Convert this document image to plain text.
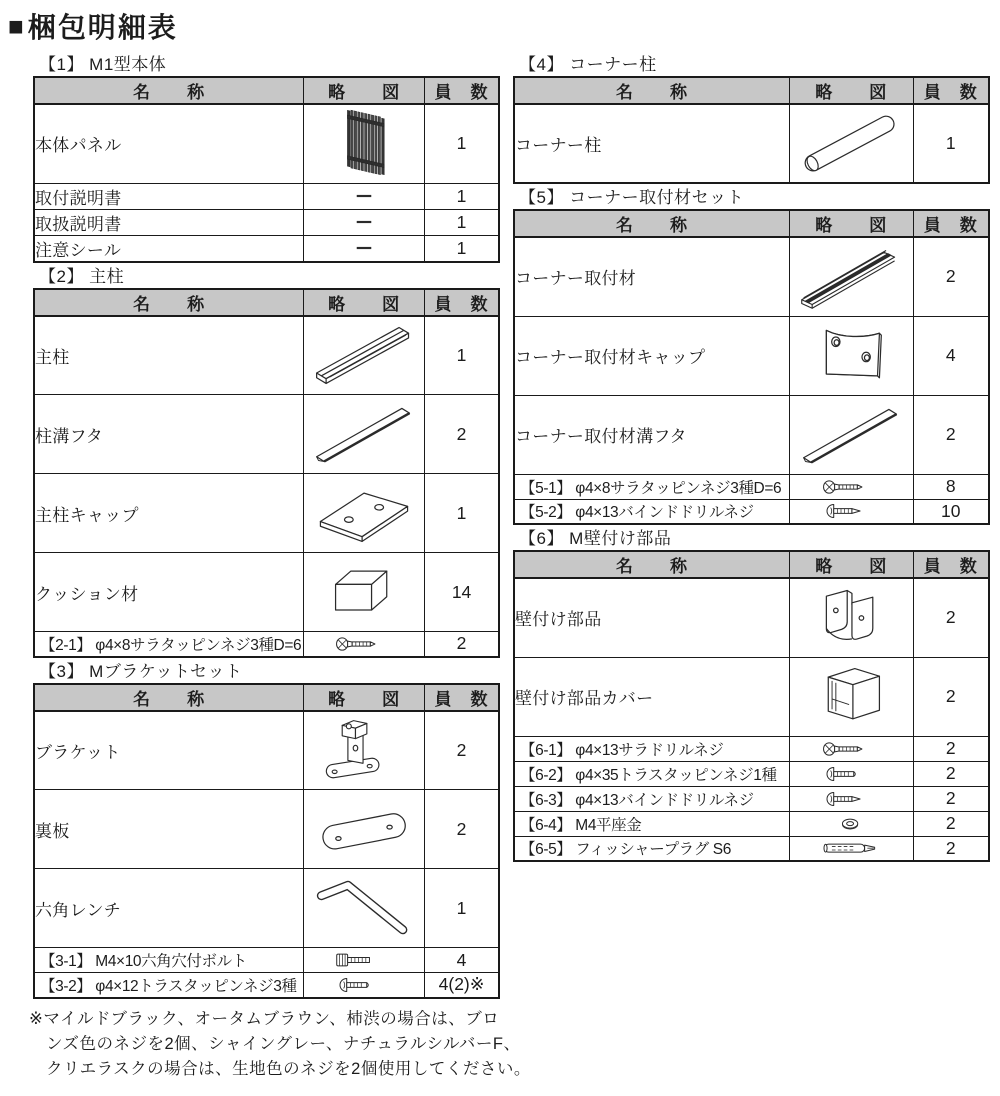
■ 梱包明細表
【1】 M1型本体
名　　称	略　　図	員　数
本体パネル		1
取付説明書		1
取扱説明書		1
注意シール		1
【2】 主柱
名　　称	略　　図	員　数
主柱		1
柱溝フタ		2
主柱キャップ		1
クッション材		14
【2-1】 φ4×8サラタッピンネジ3種D=6		2
【3】 Mブラケットセット
名　　称	略　　図	員　数
ブラケット		2
裏板		2
六角レンチ		1
【3-1】 M4×10六角穴付ボルト		4
【3-2】 φ4×12トラスタッピンネジ3種		4(2)※
【4】 コーナー柱
名　　称	略　　図	員　数
コーナー柱		1
【5】 コーナー取付材セット
名　　称	略　　図	員　数
コーナー取付材		2
コーナー取付材キャップ		4
コーナー取付材溝フタ		2
【5-1】 φ4×8サラタッピンネジ3種D=6		8
【5-2】 φ4×13バインドドリルネジ		10
【6】 M壁付け部品
名　　称	略　　図	員　数
壁付け部品		2
壁付け部品カバー		2
【6-1】 φ4×13サラドリルネジ		2
【6-2】 φ4×35トラスタッピンネジ1種		2
【6-3】 φ4×13バインドドリルネジ		2
【6-4】 M4平座金		2
【6-5】 フィッシャープラグ S6		2
※マイルドブラック、オータムブラウン、柿渋の場合は、ブロ
ンズ色のネジを2個、シャイングレー、ナチュラルシルバーF、
クリエラスクの場合は、生地色のネジを2個使用してください。
